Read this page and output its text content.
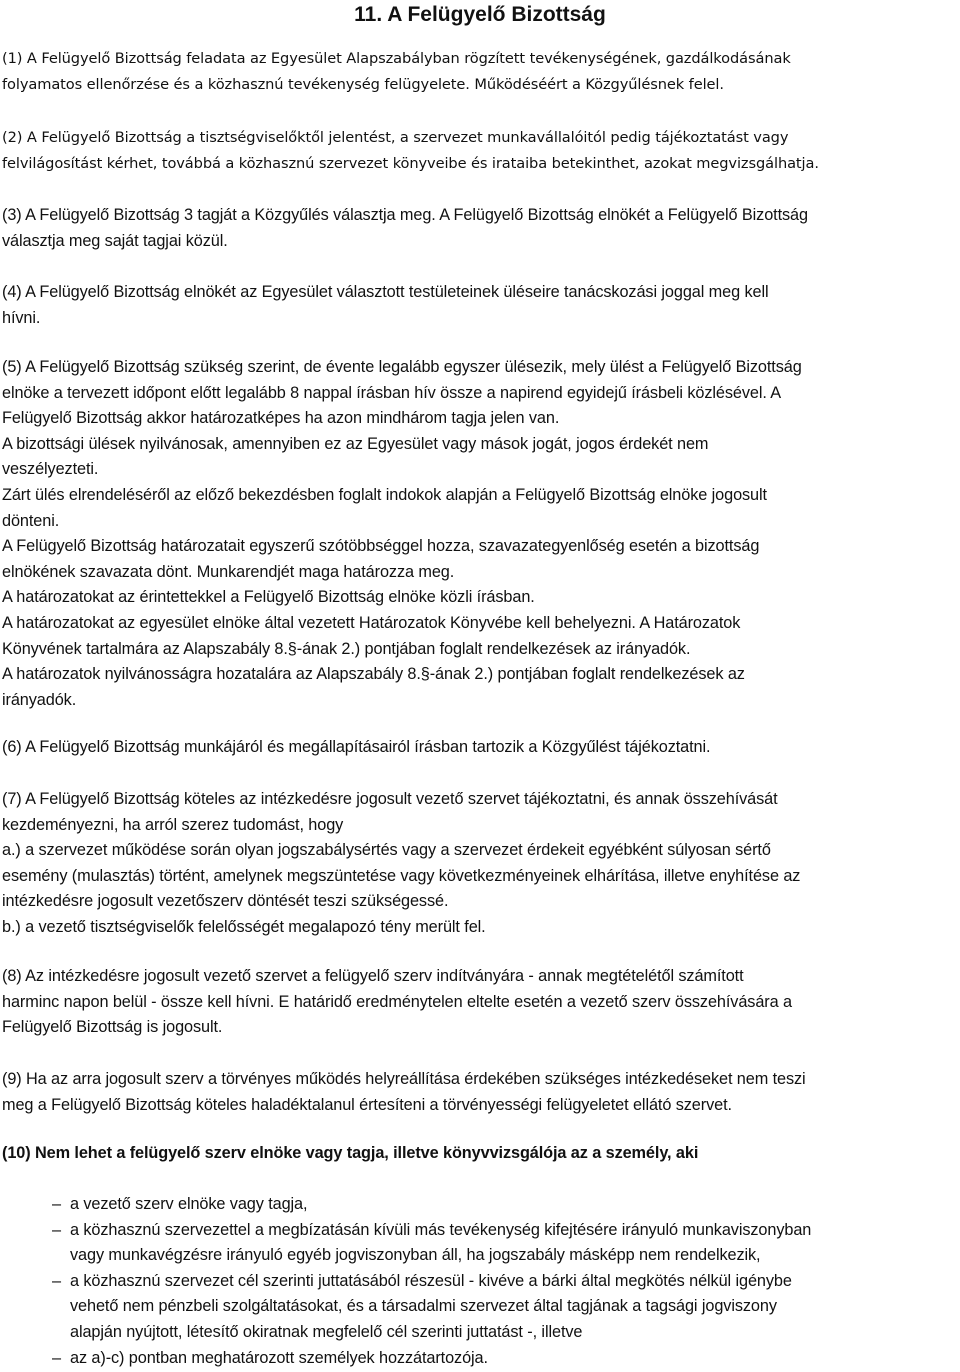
11. A Felügyelő Bizottság
(1) A Felügyelő Bizottság feladata az Egyesület Alapszabályban rögzített tevékenységének, gazdálkodásának
folyamatos ellenőrzése és a közhasznú tevékenység felügyelete. Működéséért a Közgyűlésnek felel.
(2) A Felügyelő Bizottság a tisztségviselőktől jelentést, a szervezet munkavállalóitól pedig tájékoztatást vagy
felvilágosítást kérhet, továbbá a közhasznú szervezet könyveibe és irataiba betekinthet, azokat megvizsgálhatja.
(3) A Felügyelő Bizottság 3 tagját a Közgyűlés választja meg. A Felügyelő Bizottság elnökét a Felügyelő Bizottság
választja meg saját tagjai közül.
(4) A Felügyelő Bizottság elnökét az Egyesület választott testületeinek üléseire tanácskozási joggal meg kell
hívni.
(5) A Felügyelő Bizottság szükség szerint, de évente legalább egyszer ülésezik, mely ülést a Felügyelő Bizottság
elnöke a tervezett időpont előtt legalább 8 nappal írásban hív össze a napirend egyidejű írásbeli közlésével. A
Felügyelő Bizottság akkor határozatképes ha azon mindhárom tagja jelen van.
A bizottsági ülések nyilvánosak, amennyiben ez az Egyesület vagy mások jogát, jogos érdekét nem
veszélyezteti.
Zárt ülés elrendeléséről az előző bekezdésben foglalt indokok alapján a Felügyelő Bizottság elnöke jogosult
dönteni.
A Felügyelő Bizottság határozatait egyszerű szótöbbséggel hozza, szavazategyenlőség esetén a bizottság
elnökének szavazata dönt. Munkarendjét maga határozza meg.
A határozatokat az érintettekkel a Felügyelő Bizottság elnöke közli írásban.
A határozatokat az egyesület elnöke által vezetett Határozatok Könyvébe kell behelyezni. A Határozatok
Könyvének tartalmára az Alapszabály 8.§-ának 2.) pontjában foglalt rendelkezések az irányadók.
A határozatok nyilvánosságra hozatalára az Alapszabály 8.§-ának 2.) pontjában foglalt rendelkezések az
irányadók.
(6) A Felügyelő Bizottság munkájáról és megállapításairól írásban tartozik a Közgyűlést tájékoztatni.
(7) A Felügyelő Bizottság köteles az intézkedésre jogosult vezető szervet tájékoztatni, és annak összehívását
kezdeményezni, ha arról szerez tudomást, hogy
a.) a szervezet működése során olyan jogszabálysértés vagy a szervezet érdekeit egyébként súlyosan sértő
esemény (mulasztás) történt, amelynek megszüntetése vagy következményeinek elhárítása, illetve enyhítése az
intézkedésre jogosult vezetőszerv döntését teszi szükségessé.
b.) a vezető tisztségviselők felelősségét megalapozó tény merült fel.
(8) Az intézkedésre jogosult vezető szervet a felügyelő szerv indítványára - annak megtételétől számított
harminc napon belül - össze kell hívni. E határidő eredménytelen eltelte esetén a vezető szerv összehívására a
Felügyelő Bizottság is jogosult.
(9) Ha az arra jogosult szerv a törvényes működés helyreállítása érdekében szükséges intézkedéseket nem teszi
meg a Felügyelő Bizottság köteles haladéktalanul értesíteni a törvényességi felügyeletet ellátó szervet.
(10) Nem lehet a felügyelő szerv elnöke vagy tagja, illetve könyvvizsgálója az a személy, aki
– a vezető szerv elnöke vagy tagja,
– a közhasznú szervezettel a megbízatásán kívüli más tevékenység kifejtésére irányuló munkaviszonyban
vagy munkavégzésre irányuló egyéb jogviszonyban áll, ha jogszabály másképp nem rendelkezik,
– a közhasznú szervezet cél szerinti juttatásából részesül - kivéve a bárki által megkötés nélkül igénybe
vehető nem pénzbeli szolgáltatásokat, és a társadalmi szervezet által tagjának a tagsági jogviszony
alapján nyújtott, létesítő okiratnak megfelelő cél szerinti juttatást -, illetve
– az a)-c) pontban meghatározott személyek hozzátartozója.
